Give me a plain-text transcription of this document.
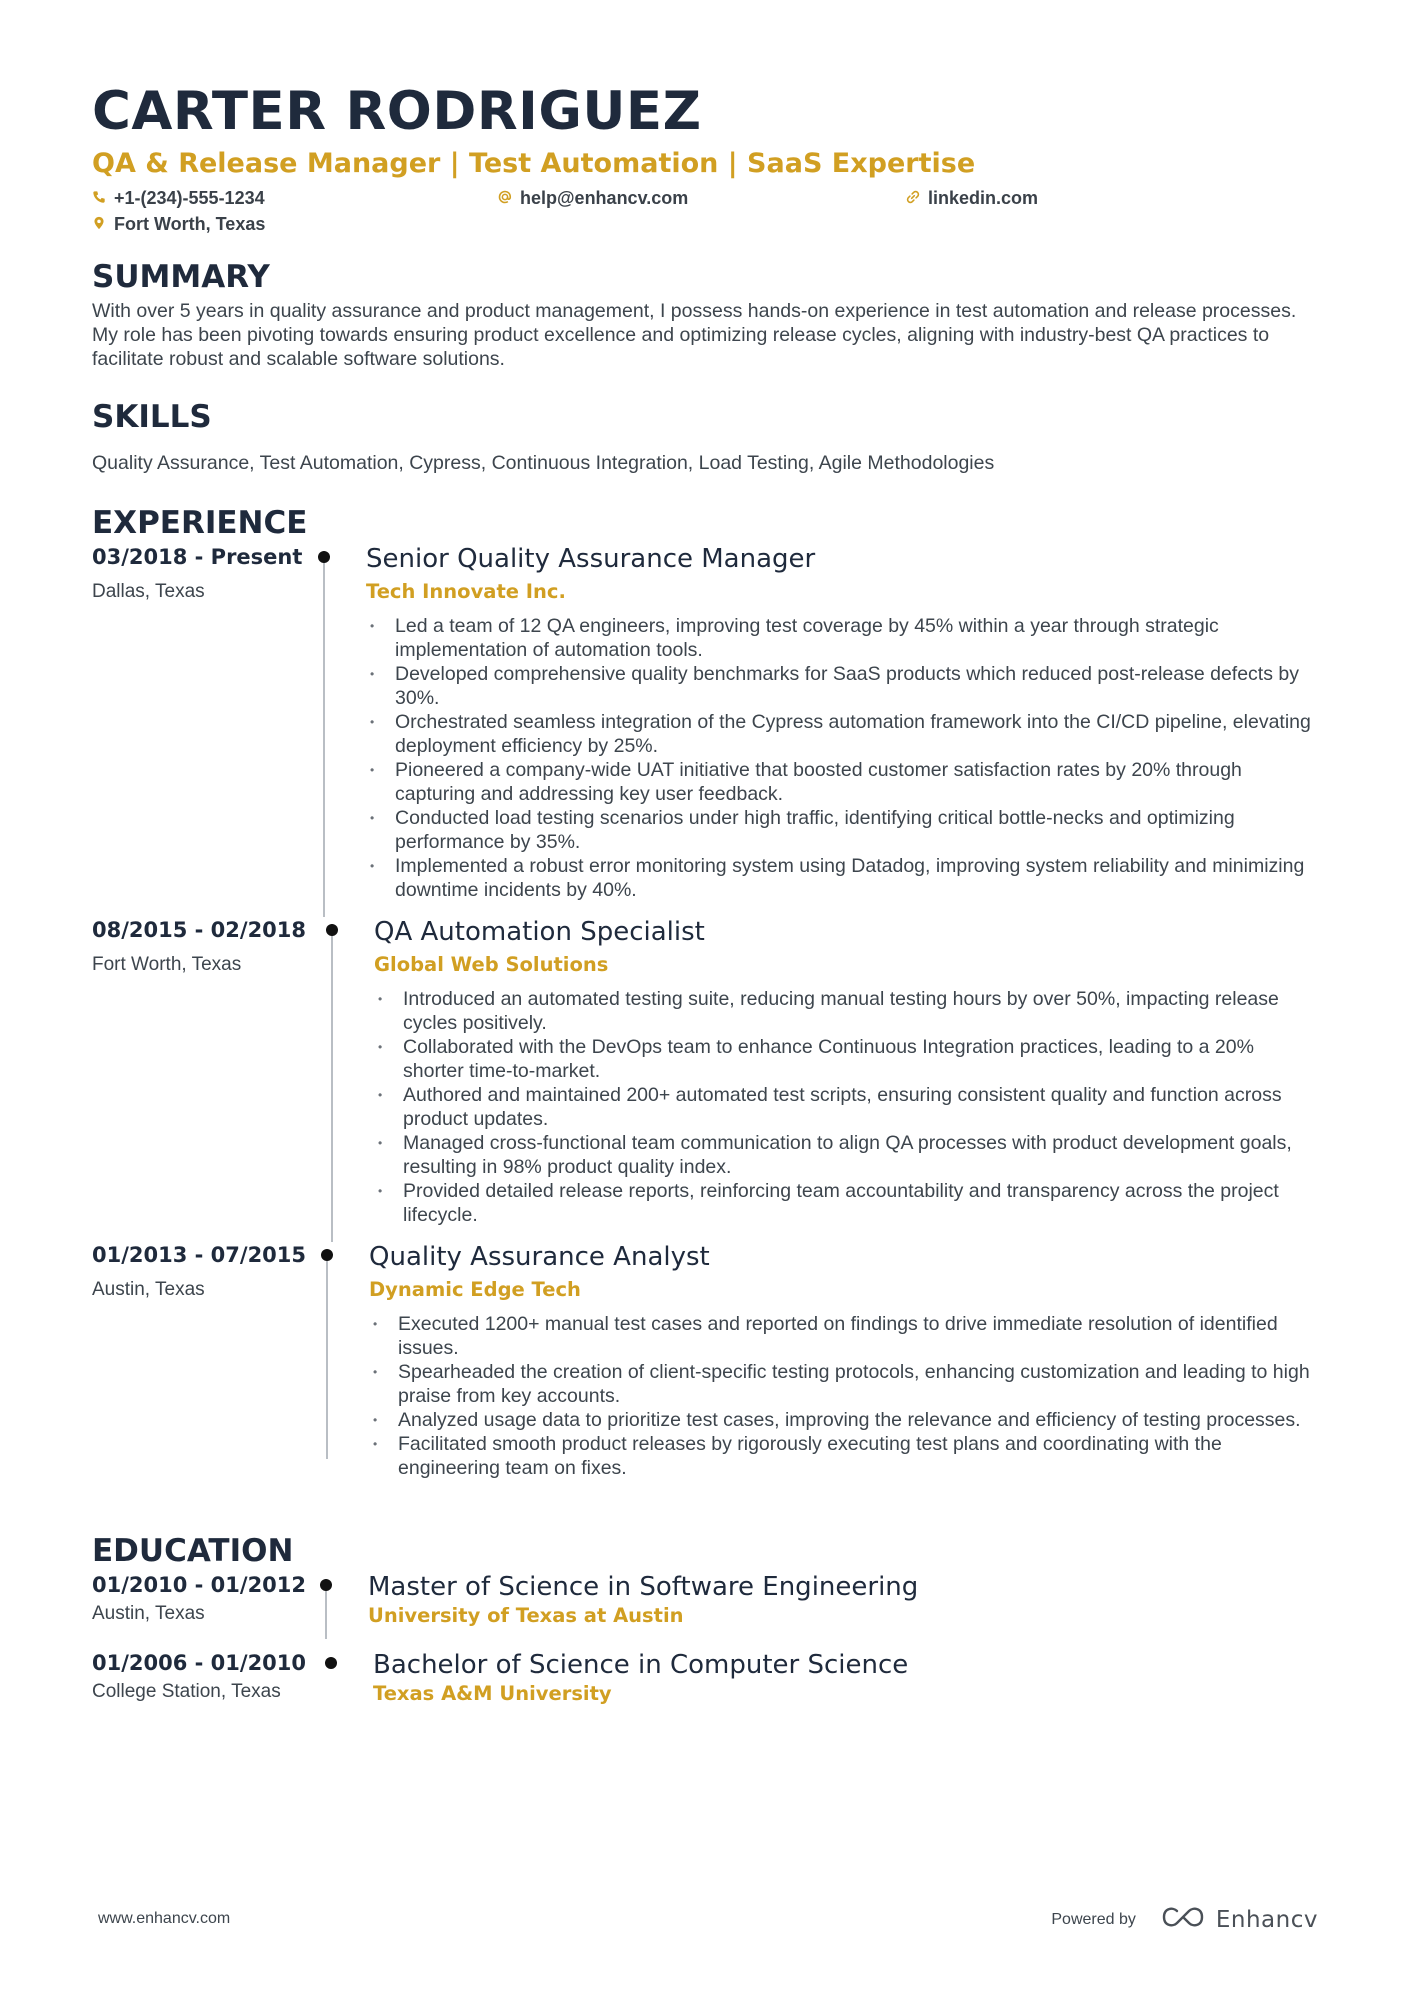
CARTER RODRIGUEZ
QA & Release Manager | Test Automation | SaaS Expertise
+1-(234)-555-1234	help@enhancv.com	linkedin.com
Fort Worth, Texas
SUMMARY
With over 5 years in quality assurance and product management, I possess hands-on experience in test automation and release processes. My role has been pivoting towards ensuring product excellence and optimizing release cycles, aligning with industry-best QA practices to facilitate robust and scalable software solutions.
SKILLS
Quality Assurance, Test Automation, Cypress, Continuous Integration, Load Testing, Agile Methodologies
EXPERIENCE
03/2018 - Present
Dallas, Texas
Senior Quality Assurance Manager
Tech Innovate Inc.
• Led a team of 12 QA engineers, improving test coverage by 45% within a year through strategic implementation of automation tools.
• Developed comprehensive quality benchmarks for SaaS products which reduced post-release defects by 30%.
• Orchestrated seamless integration of the Cypress automation framework into the CI/CD pipeline, elevating deployment efficiency by 25%.
• Pioneered a company-wide UAT initiative that boosted customer satisfaction rates by 20% through capturing and addressing key user feedback.
• Conducted load testing scenarios under high traffic, identifying critical bottle-necks and optimizing performance by 35%.
• Implemented a robust error monitoring system using Datadog, improving system reliability and minimizing downtime incidents by 40%.
08/2015 - 02/2018
Fort Worth, Texas
QA Automation Specialist
Global Web Solutions
• Introduced an automated testing suite, reducing manual testing hours by over 50%, impacting release cycles positively.
• Collaborated with the DevOps team to enhance Continuous Integration practices, leading to a 20% shorter time-to-market.
• Authored and maintained 200+ automated test scripts, ensuring consistent quality and function across product updates.
• Managed cross-functional team communication to align QA processes with product development goals, resulting in 98% product quality index.
• Provided detailed release reports, reinforcing team accountability and transparency across the project lifecycle.
01/2013 - 07/2015
Austin, Texas
Quality Assurance Analyst
Dynamic Edge Tech
• Executed 1200+ manual test cases and reported on findings to drive immediate resolution of identified issues.
• Spearheaded the creation of client-specific testing protocols, enhancing customization and leading to high praise from key accounts.
• Analyzed usage data to prioritize test cases, improving the relevance and efficiency of testing processes.
• Facilitated smooth product releases by rigorously executing test plans and coordinating with the engineering team on fixes.
EDUCATION
01/2010 - 01/2012
Austin, Texas
Master of Science in Software Engineering
University of Texas at Austin
01/2006 - 01/2010
College Station, Texas
Bachelor of Science in Computer Science
Texas A&M University
www.enhancv.com	Powered by	Enhancv
